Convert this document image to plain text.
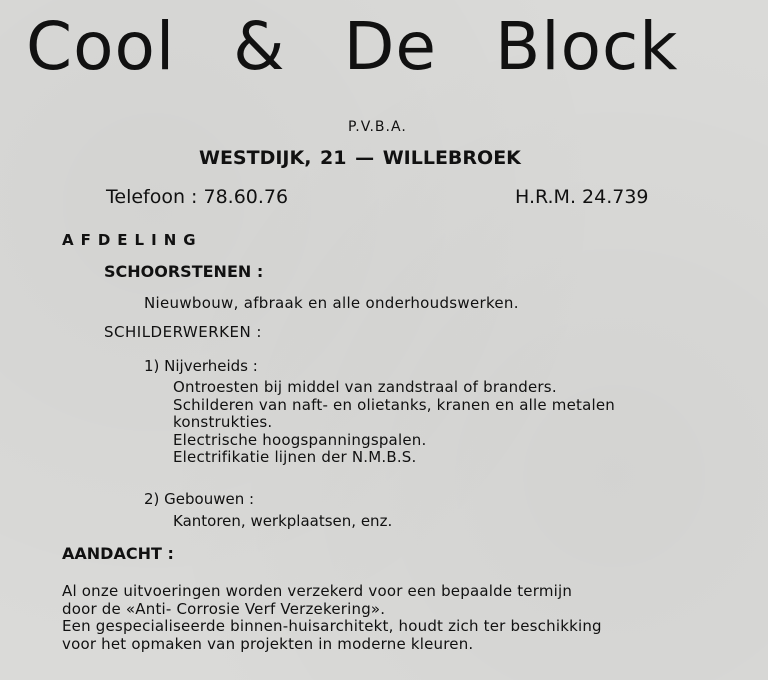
Cool & De Block
P.V.B.A.
WESTDIJK, 21 — WILLEBROEK
Telefoon : 78.60.76	H.R.M. 24.739
AFDELING
SCHOORSTENEN :
Nieuwbouw, afbraak en alle onderhoudswerken.
SCHILDERWERKEN :
1) Nijverheids :
Ontroesten bij middel van zandstraal of branders.
Schilderen van naft- en olietanks, kranen en alle metalen
konstrukties.
Electrische hoogspanningspalen.
Electrifikatie lijnen der N.M.B.S.
2) Gebouwen :
Kantoren, werkplaatsen, enz.
AANDACHT :
Al onze uitvoeringen worden verzekerd voor een bepaalde termijn
door de «Anti- Corrosie Verf Verzekering».
Een gespecialiseerde binnen-huisarchitekt, houdt zich ter beschikking
voor het opmaken van projekten in moderne kleuren.
